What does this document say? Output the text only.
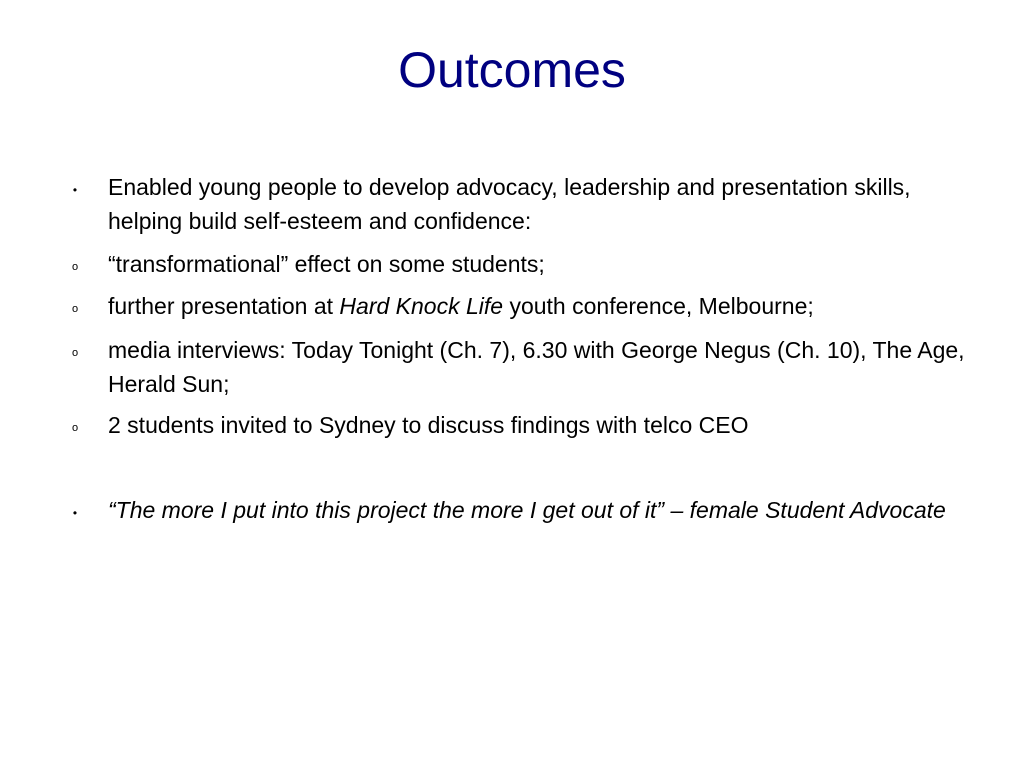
Outcomes
• Enabled young people to develop advocacy, leadership and presentation skills, helping build self-esteem and confidence:
o “transformational” effect on some students;
o further presentation at Hard Knock Life youth conference, Melbourne;
o media interviews: Today Tonight (Ch. 7), 6.30 with George Negus (Ch. 10), The Age, Herald Sun;
o 2 students invited to Sydney to discuss findings with telco CEO
• “The more I put into this project the more I get out of it” – female Student Advocate
